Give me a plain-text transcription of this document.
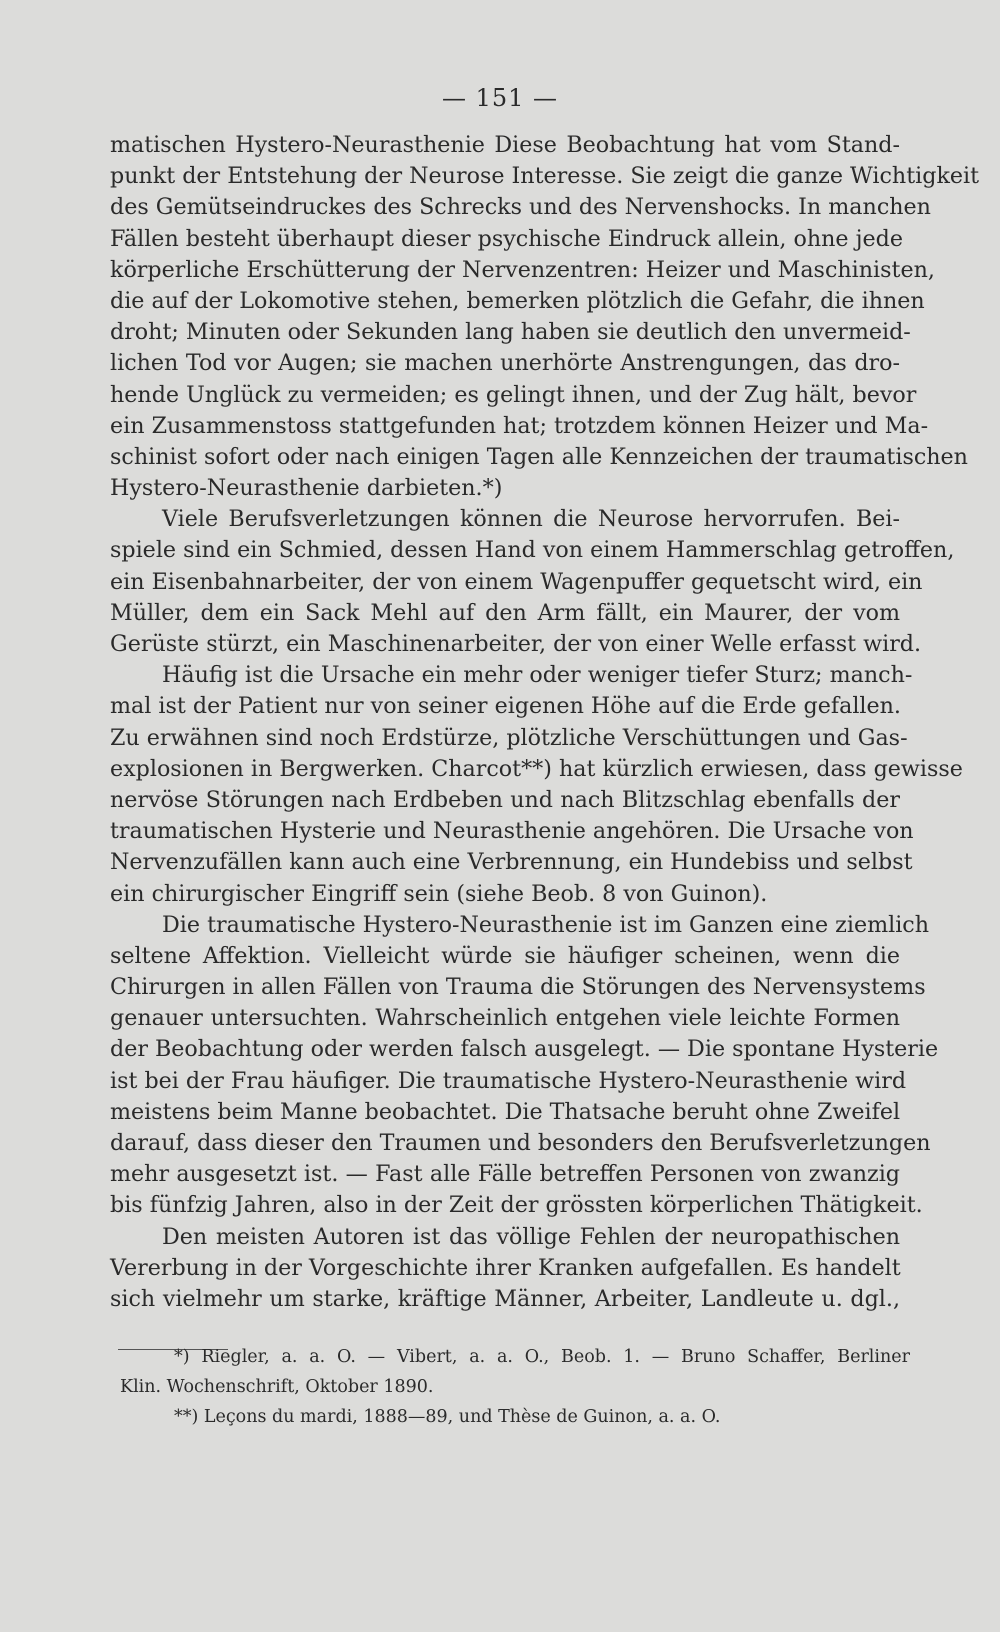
— 151 —
matischen Hystero-Neurasthenie Diese Beobachtung hat vom Stand-
punkt der Entstehung der Neurose Interesse. Sie zeigt die ganze Wichtigkeit
des Gemütseindruckes des Schrecks und des Nervenshocks. In manchen
Fällen besteht überhaupt dieser psychische Eindruck allein, ohne jede
körperliche Erschütterung der Nervenzentren: Heizer und Maschinisten,
die auf der Lokomotive stehen, bemerken plötzlich die Gefahr, die ihnen
droht; Minuten oder Sekunden lang haben sie deutlich den unvermeid-
lichen Tod vor Augen; sie machen unerhörte Anstrengungen, das dro-
hende Unglück zu vermeiden; es gelingt ihnen, und der Zug hält, bevor
ein Zusammenstoss stattgefunden hat; trotzdem können Heizer und Ma-
schinist sofort oder nach einigen Tagen alle Kennzeichen der traumatischen
Hystero-Neurasthenie darbieten.*)
Viele Berufsverletzungen können die Neurose hervorrufen. Bei-
spiele sind ein Schmied, dessen Hand von einem Hammerschlag getroffen,
ein Eisenbahnarbeiter, der von einem Wagenpuffer gequetscht wird, ein
Müller, dem ein Sack Mehl auf den Arm fällt, ein Maurer, der vom
Gerüste stürzt, ein Maschinenarbeiter, der von einer Welle erfasst wird.
Häufig ist die Ursache ein mehr oder weniger tiefer Sturz; manch-
mal ist der Patient nur von seiner eigenen Höhe auf die Erde gefallen.
Zu erwähnen sind noch Erdstürze, plötzliche Verschüttungen und Gas-
explosionen in Bergwerken. Charcot**) hat kürzlich erwiesen, dass gewisse
nervöse Störungen nach Erdbeben und nach Blitzschlag ebenfalls der
traumatischen Hysterie und Neurasthenie angehören. Die Ursache von
Nervenzufällen kann auch eine Verbrennung, ein Hundebiss und selbst
ein chirurgischer Eingriff sein (siehe Beob. 8 von Guinon).
Die traumatische Hystero-Neurasthenie ist im Ganzen eine ziemlich
seltene Affektion. Vielleicht würde sie häufiger scheinen, wenn die
Chirurgen in allen Fällen von Trauma die Störungen des Nervensystems
genauer untersuchten. Wahrscheinlich entgehen viele leichte Formen
der Beobachtung oder werden falsch ausgelegt. — Die spontane Hysterie
ist bei der Frau häufiger. Die traumatische Hystero-Neurasthenie wird
meistens beim Manne beobachtet. Die Thatsache beruht ohne Zweifel
darauf, dass dieser den Traumen und besonders den Berufsverletzungen
mehr ausgesetzt ist. — Fast alle Fälle betreffen Personen von zwanzig
bis fünfzig Jahren, also in der Zeit der grössten körperlichen Thätigkeit.
Den meisten Autoren ist das völlige Fehlen der neuropathischen
Vererbung in der Vorgeschichte ihrer Kranken aufgefallen. Es handelt
sich vielmehr um starke, kräftige Männer, Arbeiter, Landleute u. dgl.,
*) Riegler, a. a. O. — Vibert, a. a. O., Beob. 1. — Bruno Schaffer, Berliner
Klin. Wochenschrift, Oktober 1890.
**) Leçons du mardi, 1888—89, und Thèse de Guinon, a. a. O.
